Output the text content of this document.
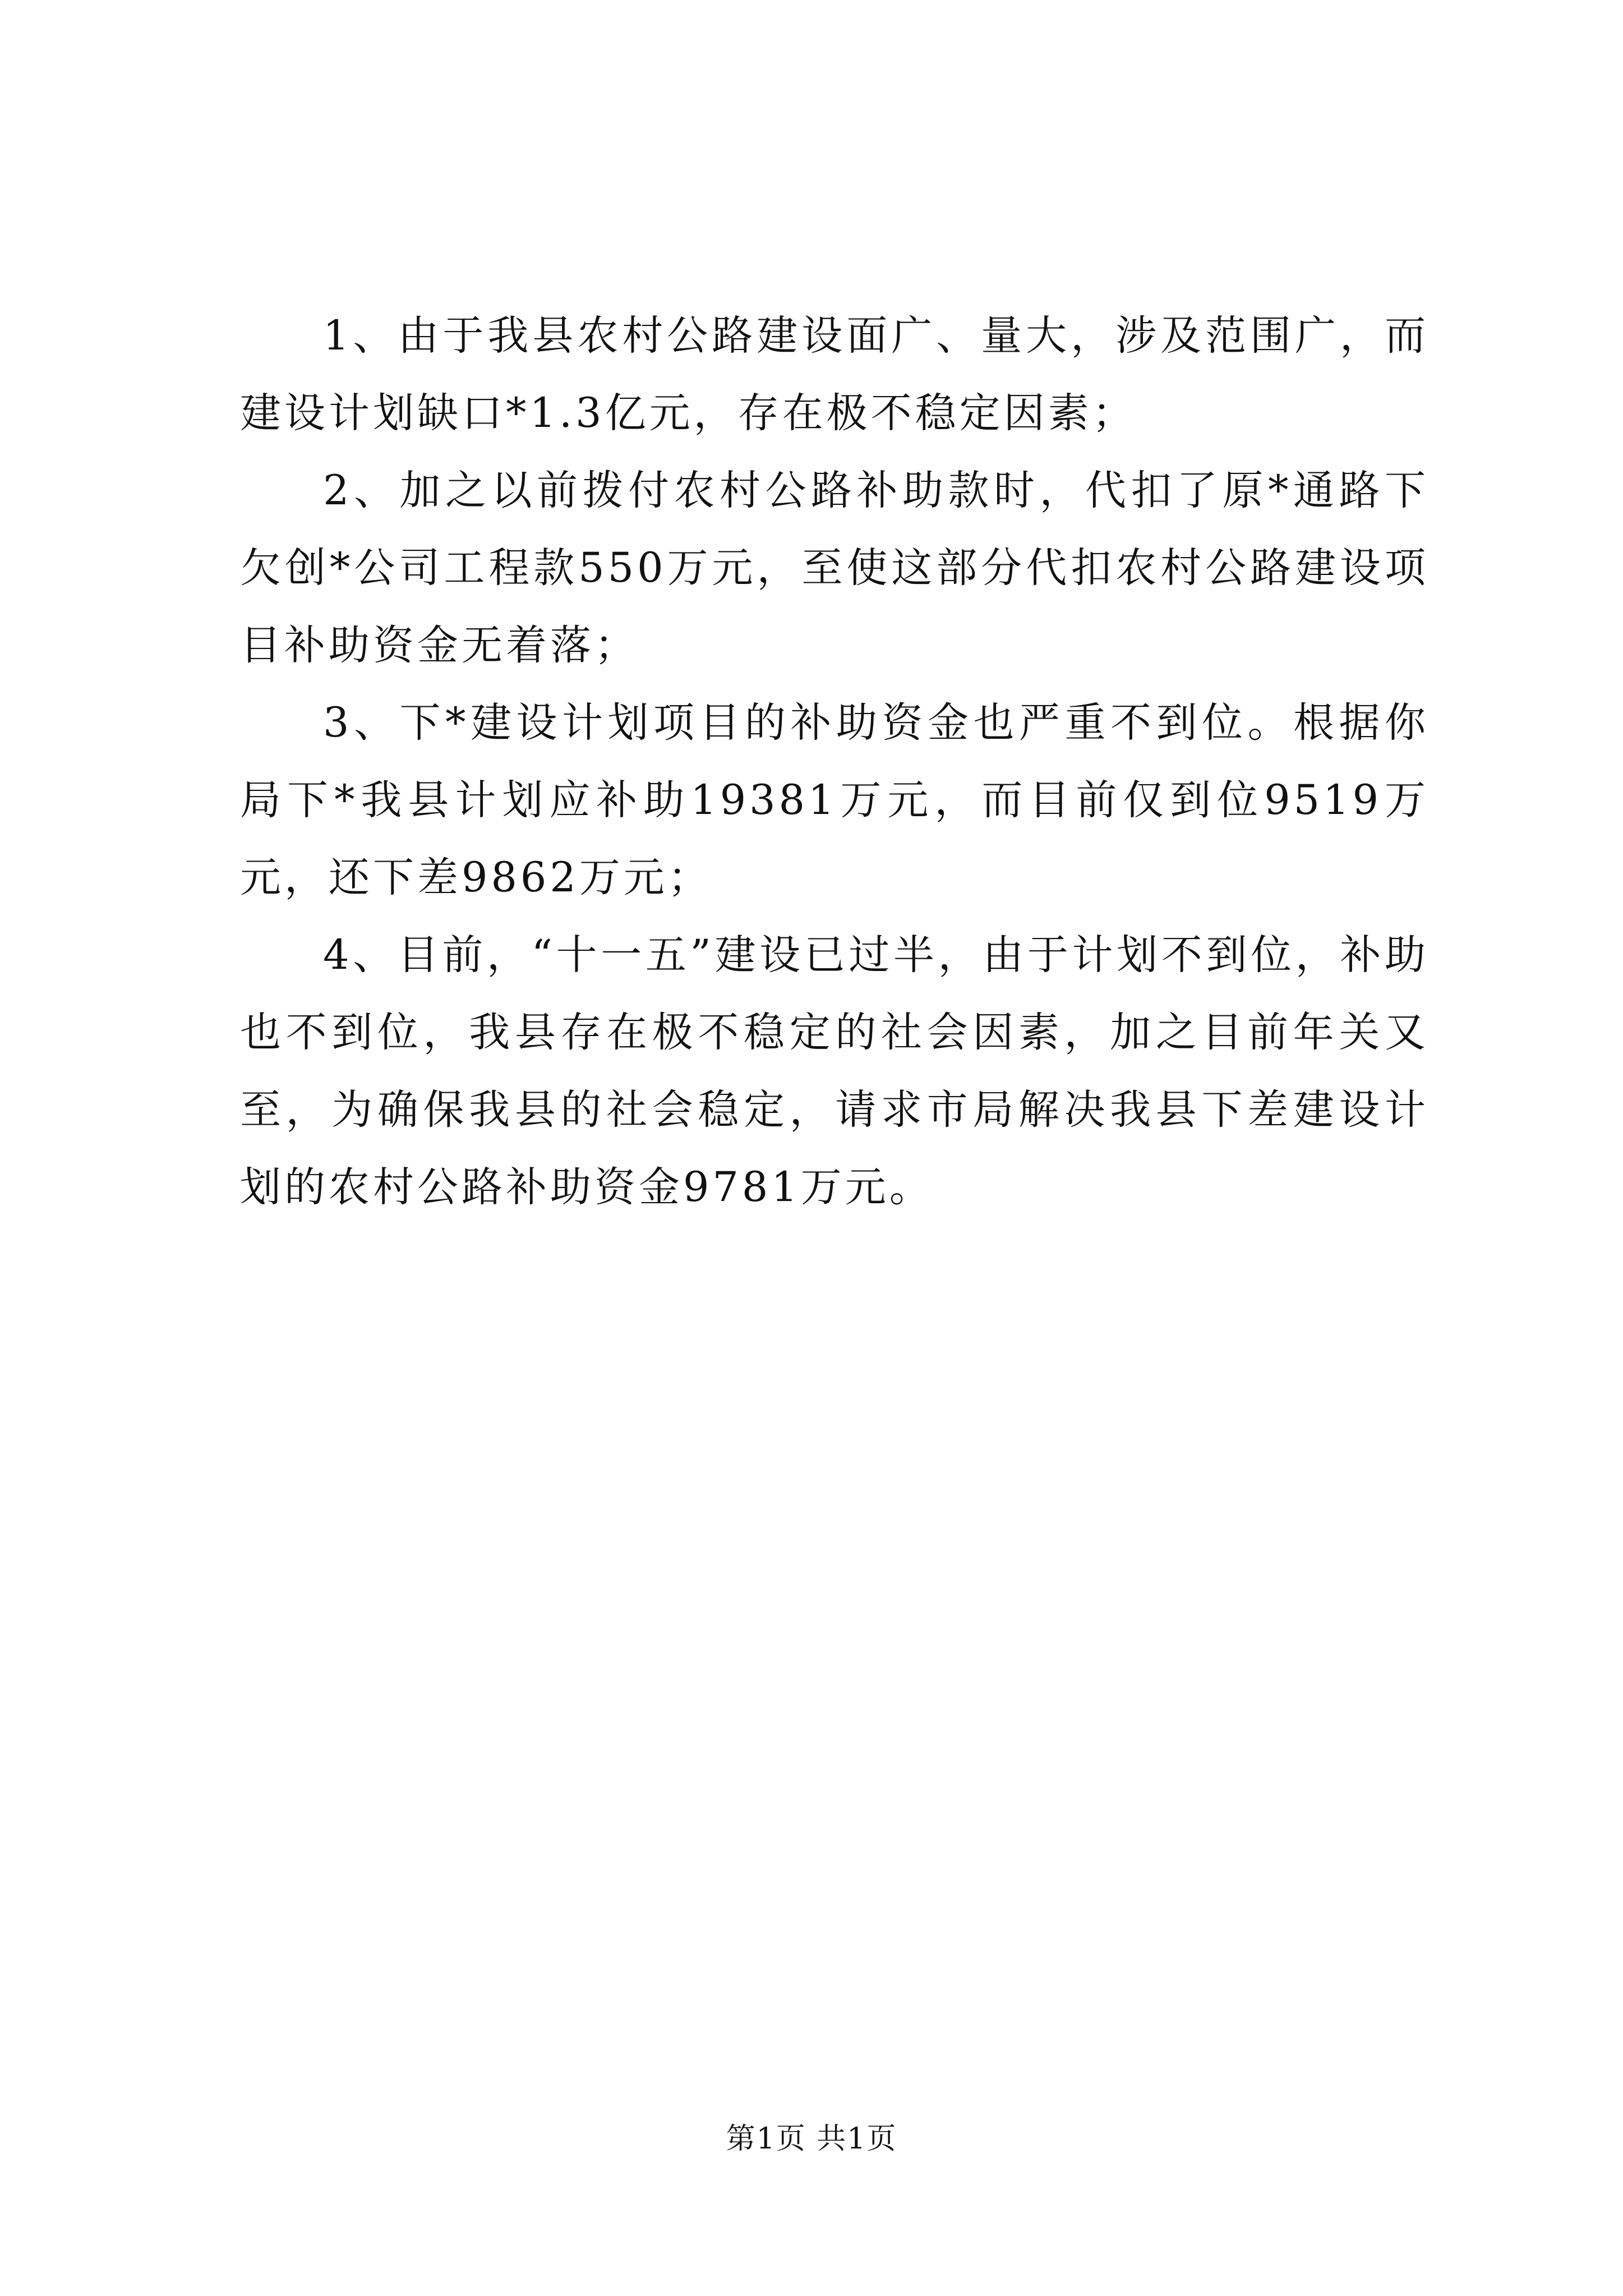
1、由于我县农村公路建设面广、量大，涉及范围广，而建设计划缺口*1.3亿元，存在极不稳定因素；

2、加之以前拨付农村公路补助款时，代扣了原*通路下欠创*公司工程款550万元，至使这部分代扣农村公路建设项目补助资金无着落；

3、下*建设计划项目的补助资金也严重不到位。根据你局下*我县计划应补助19381万元，而目前仅到位9519万元，还下差9862万元；

4、目前，“十一五”建设已过半，由于计划不到位，补助也不到位，我县存在极不稳定的社会因素，加之目前年关又至，为确保我县的社会稳定，请求市局解决我县下差建设计划的农村公路补助资金9781万元。

第1页 共1页
